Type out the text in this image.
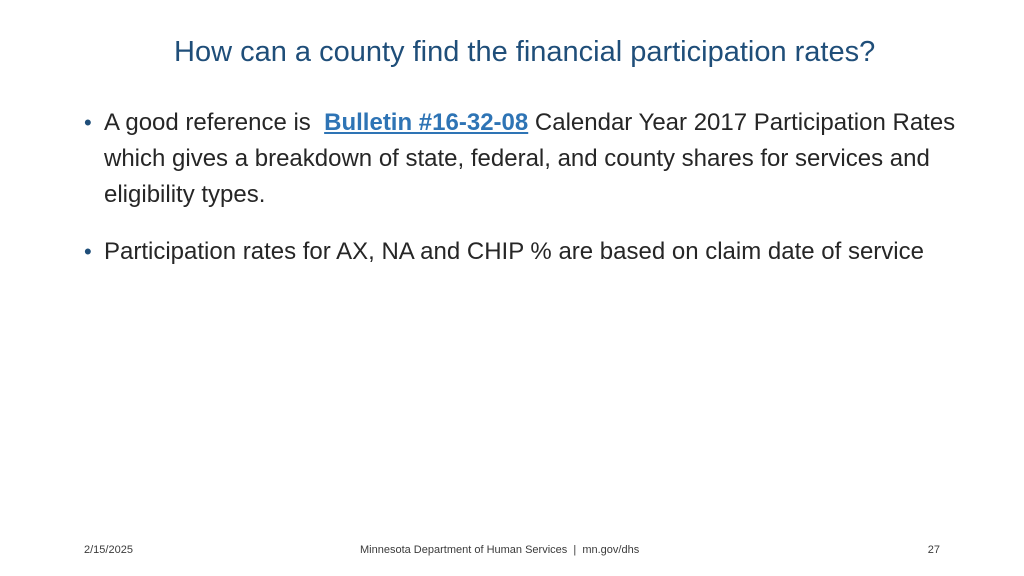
How can a county find the financial participation rates?
• A good reference is  Bulletin #16-32-08 Calendar Year 2017 Participation Rates which gives a breakdown of state, federal, and county shares for services and eligibility types.
• Participation rates for AX, NA and CHIP % are based on claim date of service
2/15/2025	Minnesota Department of Human Services  |  mn.gov/dhs	27
